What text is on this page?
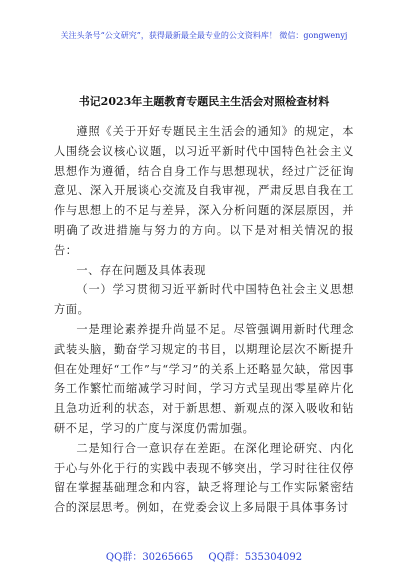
关注头条号“公文研究”，获得最新最全最专业的公文资料库！ 微信：gongwenyj
书记2023年主题教育专题民主生活会对照检查材料

遵照《关于开好专题民主生活会的通知》的规定，本人围绕会议核心议题，以习近平新时代中国特色社会主义思想作为遵循，结合自身工作与思想现状，经过广泛征询意见、深入开展谈心交流及自我审视，严肃反思自我在工作与思想上的不足与差异，深入分析问题的深层原因，并明确了改进措施与努力的方向。以下是对相关情况的报告：

一、存在问题及具体表现

（一）学习贯彻习近平新时代中国特色社会主义思想方面。

一是理论素养提升尚显不足。尽管强调用新时代理念武装头脑，勤奋学习规定的书目，以期理论层次不断提升但在处理好“工作”与“学习”的关系上还略显欠缺，常因事务工作繁忙而缩减学习时间，学习方式呈现出零星碎片化且急功近利的状态，对于新思想、新观点的深入吸收和钻研不足，学习的广度与深度仍需加强。

二是知行合一意识存在差距。在深化理论研究、内化于心与外化于行的实践中表现不够突出，学习时往往仅停留在掌握基础理念和内容，缺乏将理论与工作实际紧密结合的深层思考。例如，在党委会议上多局限于具体事务讨

QQ群：30265665 QQ群：535304092
